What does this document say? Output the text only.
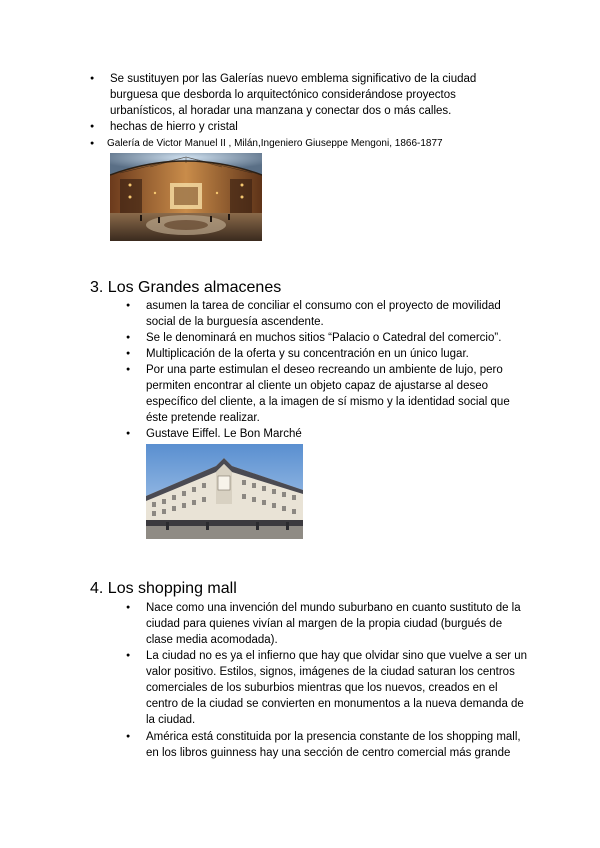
● Se sustituyen por las Galerías nuevo emblema significativo de la ciudad burguesa que desborda lo arquitectónico considerándose proyectos urbanísticos, al horadar una manzana y conectar dos o más calles.
● hechas de hierro y cristal
● Galería de Victor Manuel II , Milán,Ingeniero Giuseppe Mengoni, 1866-1877
3. Los Grandes almacenes
● asumen la tarea de conciliar el consumo con el proyecto de movilidad social de la burguesía ascendente.
● Se le denominará en muchos sitios “Palacio o Catedral del comercio”.
● Multiplicación de la oferta y su concentración en un único lugar.
● Por una parte estimulan el deseo recreando un ambiente de lujo, pero permiten encontrar al cliente un objeto capaz de ajustarse al deseo específico del cliente, a la imagen de sí mismo y la identidad social que éste pretende realizar.
● Gustave Eiffel. Le Bon Marché
4. Los shopping mall
● Nace como una invención del mundo suburbano en cuanto sustituto de la ciudad para quienes vivían al margen de la propia ciudad (burgués de clase media acomodada).
● La ciudad no es ya el infierno que hay que olvidar sino que vuelve a ser un valor positivo. Estilos, signos, imágenes de la ciudad saturan los centros comerciales de los suburbios mientras que los nuevos, creados en el centro de la ciudad se convierten en monumentos a la nueva demanda de la ciudad.
● América está constituida por la presencia constante de los shopping mall, en los libros guinness hay una sección de centro comercial más grande
